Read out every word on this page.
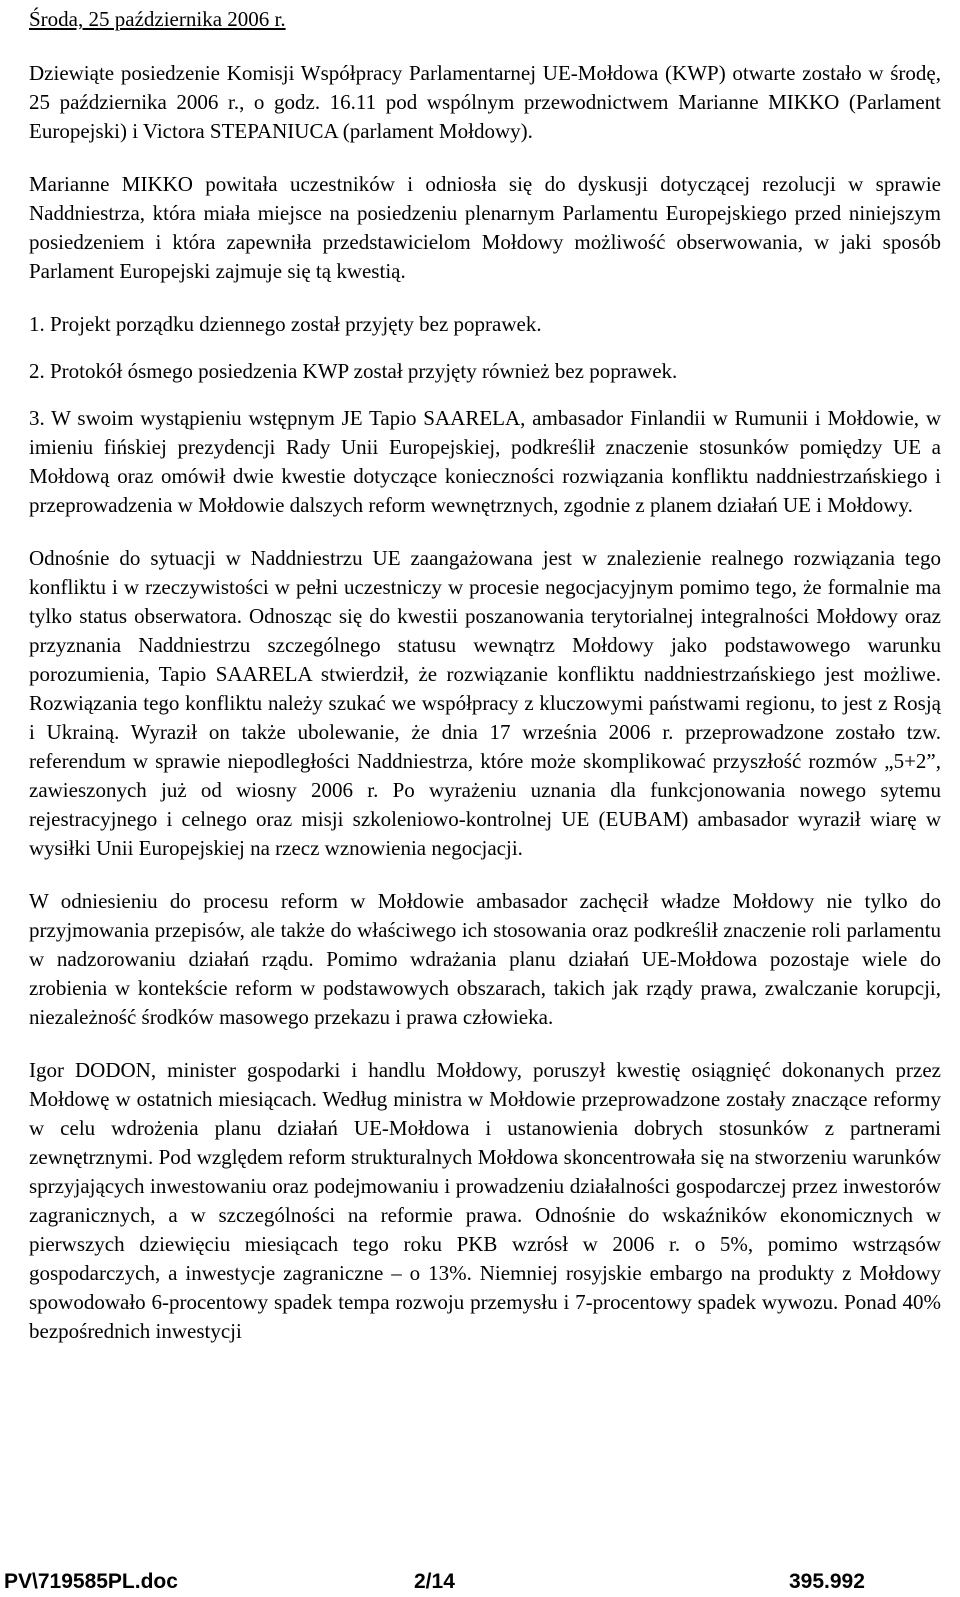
Środa, 25 października 2006 r.

Dziewiąte posiedzenie Komisji Współpracy Parlamentarnej UE-Mołdowa (KWP) otwarte zostało w środę, 25 października 2006 r., o godz. 16.11 pod wspólnym przewodnictwem Marianne MIKKO (Parlament Europejski) i Victora STEPANIUCA (parlament Mołdowy).

Marianne MIKKO powitała uczestników i odniosła się do dyskusji dotyczącej rezolucji w sprawie Naddniestrza, która miała miejsce na posiedzeniu plenarnym Parlamentu Europejskiego przed niniejszym posiedzeniem i która zapewniła przedstawicielom Mołdowy możliwość obserwowania, w jaki sposób Parlament Europejski zajmuje się tą kwestią.

1. Projekt porządku dziennego został przyjęty bez poprawek.

2. Protokół ósmego posiedzenia KWP został przyjęty również bez poprawek.

3. W swoim wystąpieniu wstępnym JE Tapio SAARELA, ambasador Finlandii w Rumunii i Mołdowie, w imieniu fińskiej prezydencji Rady Unii Europejskiej, podkreślił znaczenie stosunków pomiędzy UE a Mołdową oraz omówił dwie kwestie dotyczące konieczności rozwiązania konfliktu naddniestrzańskiego i przeprowadzenia w Mołdowie dalszych reform wewnętrznych, zgodnie z planem działań UE i Mołdowy.

Odnośnie do sytuacji w Naddniestrzu UE zaangażowana jest w znalezienie realnego rozwiązania tego konfliktu i w rzeczywistości w pełni uczestniczy w procesie negocjacyjnym pomimo tego, że formalnie ma tylko status obserwatora. Odnosząc się do kwestii poszanowania terytorialnej integralności Mołdowy oraz przyznania Naddniestrzu szczególnego statusu wewnątrz Mołdowy jako podstawowego warunku porozumienia, Tapio SAARELA stwierdził, że rozwiązanie konfliktu naddniestrzańskiego jest możliwe. Rozwiązania tego konfliktu należy szukać we współpracy z kluczowymi państwami regionu, to jest z Rosją i Ukrainą. Wyraził on także ubolewanie, że dnia 17 września 2006 r. przeprowadzone zostało tzw. referendum w sprawie niepodległości Naddniestrza, które może skomplikować przyszłość rozmów „5+2”, zawieszonych już od wiosny 2006 r. Po wyrażeniu uznania dla funkcjonowania nowego sytemu rejestracyjnego i celnego oraz misji szkoleniowo-kontrolnej UE (EUBAM) ambasador wyraził wiarę w wysiłki Unii Europejskiej na rzecz wznowienia negocjacji.

W odniesieniu do procesu reform w Mołdowie ambasador zachęcił władze Mołdowy nie tylko do przyjmowania przepisów, ale także do właściwego ich stosowania oraz podkreślił znaczenie roli parlamentu w nadzorowaniu działań rządu. Pomimo wdrażania planu działań UE-Mołdowa pozostaje wiele do zrobienia w kontekście reform w podstawowych obszarach, takich jak rządy prawa, zwalczanie korupcji, niezależność środków masowego przekazu i prawa człowieka.

Igor DODON, minister gospodarki i handlu Mołdowy, poruszył kwestię osiągnięć dokonanych przez Mołdowę w ostatnich miesiącach. Według ministra w Mołdowie przeprowadzone zostały znaczące reformy w celu wdrożenia planu działań UE-Mołdowa i ustanowienia dobrych stosunków z partnerami zewnętrznymi. Pod względem reform strukturalnych Mołdowa skoncentrowała się na stworzeniu warunków sprzyjających inwestowaniu oraz podejmowaniu i prowadzeniu działalności gospodarczej przez inwestorów zagranicznych, a w szczególności na reformie prawa. Odnośnie do wskaźników ekonomicznych w pierwszych dziewięciu miesiącach tego roku PKB wzrósł w 2006 r. o 5%, pomimo wstrząsów gospodarczych, a inwestycje zagraniczne – o 13%. Niemniej rosyjskie embargo na produkty z Mołdowy spowodowało 6-procentowy spadek tempa rozwoju przemysłu i 7-procentowy spadek wywozu. Ponad 40% bezpośrednich inwestycji

PV\719585PL.doc	2/14	395.992
